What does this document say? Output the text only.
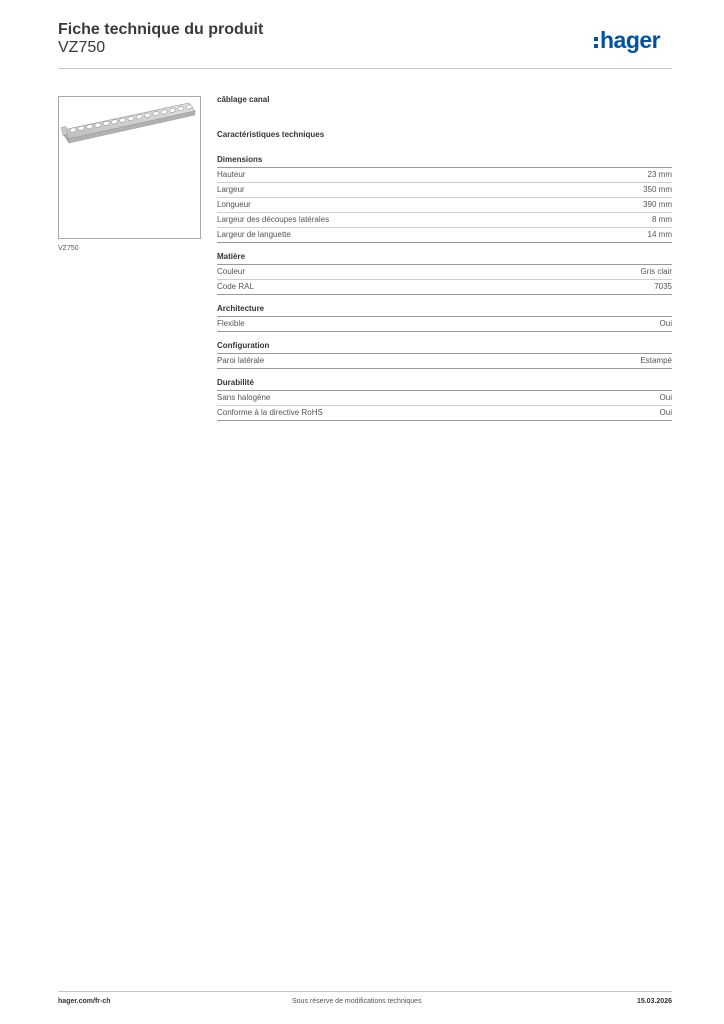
Fiche technique du produit
VZ750	hager
VZ750
câblage canal
Caractéristiques techniques
Dimensions
Hauteur	23 mm
Largeur	350 mm
Longueur	390 mm
Largeur des découpes latérales	8 mm
Largeur de languette	14 mm
Matière
Couleur	Gris clair
Code RAL	7035
Architecture
Flexible	Oui
Configuration
Paroi latérale	Estampé
Durabilité
Sans halogène	Oui
Conforme à la directive RoHS	Oui
hager.com/fr-ch	Sous réserve de modifications techniques	15.03.2026
